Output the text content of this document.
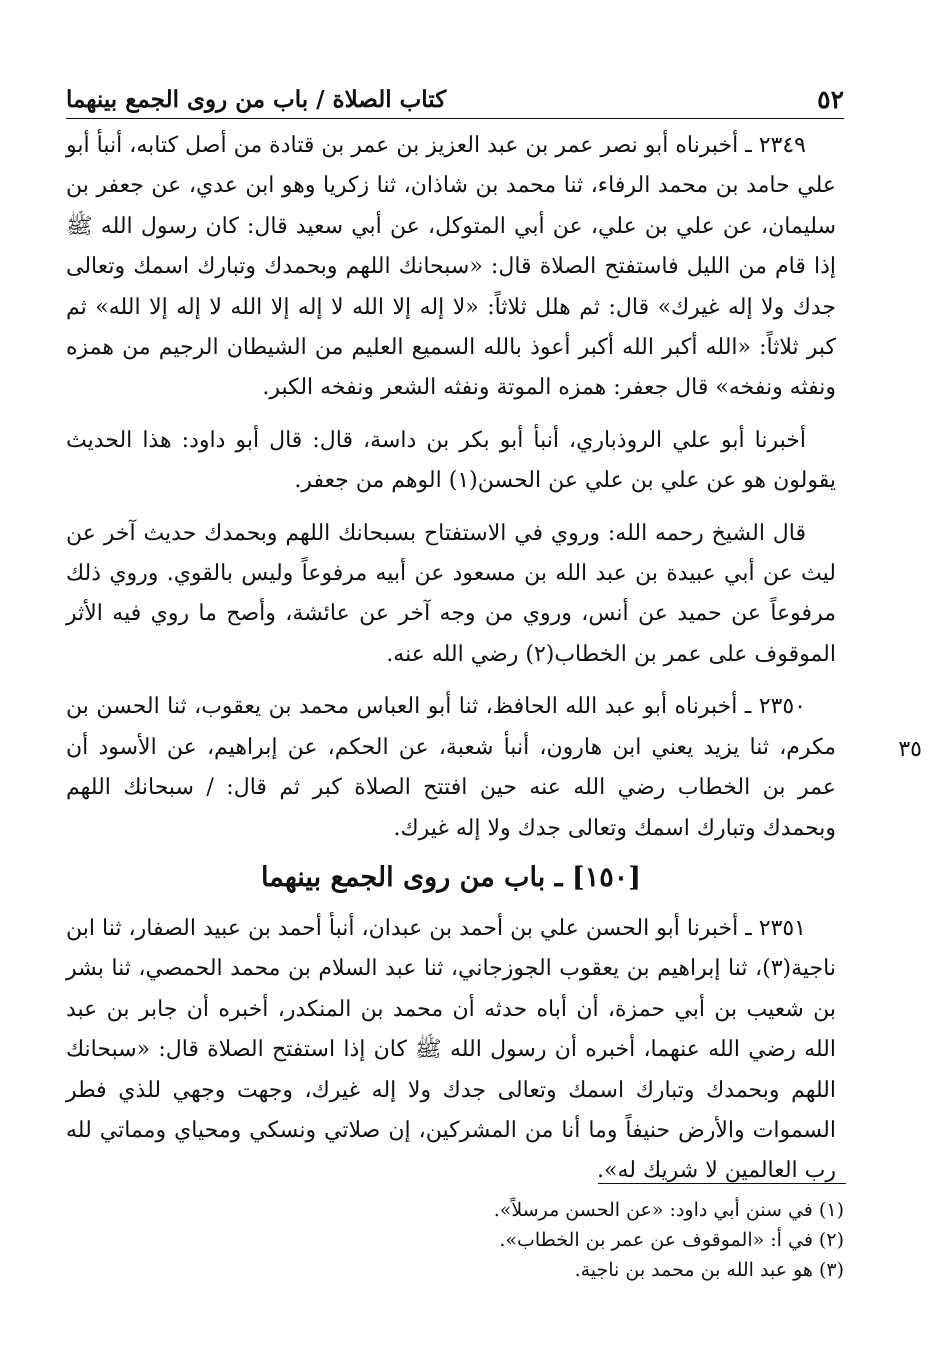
٥٢
كتاب الصلاة / باب من روى الجمع بينهما
٣٥

٢٣٤٩ ـ أخبرناه أبو نصر عمر بن عبد العزيز بن عمر بن قتادة من أصل كتابه، أنبأ أبو علي حامد بن محمد الرفاء، ثنا محمد بن شاذان، ثنا زكريا وهو ابن عدي، عن جعفر بن سليمان، عن علي بن علي، عن أبي المتوكل، عن أبي سعيد قال: كان رسول الله ﷺ إذا قام من الليل فاستفتح الصلاة قال: «سبحانك اللهم وبحمدك وتبارك اسمك وتعالى جدك ولا إله غيرك» قال: ثم هلل ثلاثاً: «لا إله إلا الله لا إله إلا الله لا إله إلا الله» ثم كبر ثلاثاً: «الله أكبر الله أكبر أعوذ بالله السميع العليم من الشيطان الرجيم من همزه ونفثه ونفخه» قال جعفر: همزه الموتة ونفثه الشعر ونفخه الكبر.

أخبرنا أبو علي الروذباري، أنبأ أبو بكر بن داسة، قال: قال أبو داود: هذا الحديث يقولون هو عن علي بن علي عن الحسن(١) الوهم من جعفر.

قال الشيخ رحمه الله: وروي في الاستفتاح بسبحانك اللهم وبحمدك حديث آخر عن ليث عن أبي عبيدة بن عبد الله بن مسعود عن أبيه مرفوعاً وليس بالقوي. وروي ذلك مرفوعاً عن حميد عن أنس، وروي من وجه آخر عن عائشة، وأصح ما روي فيه الأثر الموقوف على عمر بن الخطاب(٢) رضي الله عنه.

٢٣٥٠ ـ أخبرناه أبو عبد الله الحافظ، ثنا أبو العباس محمد بن يعقوب، ثنا الحسن بن مكرم، ثنا يزيد يعني ابن هارون، أنبأ شعبة، عن الحكم، عن إبراهيم، عن الأسود أن عمر بن الخطاب رضي الله عنه حين افتتح الصلاة كبر ثم قال: / سبحانك اللهم وبحمدك وتبارك اسمك وتعالى جدك ولا إله غيرك.

[١٥٠] ـ باب من روى الجمع بينهما

٢٣٥١ ـ أخبرنا أبو الحسن علي بن أحمد بن عبدان، أنبأ أحمد بن عبيد الصفار، ثنا ابن ناجية(٣)، ثنا إبراهيم بن يعقوب الجوزجاني، ثنا عبد السلام بن محمد الحمصي، ثنا بشر بن شعيب بن أبي حمزة، أن أباه حدثه أن محمد بن المنكدر، أخبره أن جابر بن عبد الله رضي الله عنهما، أخبره أن رسول الله ﷺ كان إذا استفتح الصلاة قال: «سبحانك اللهم وبحمدك وتبارك اسمك وتعالى جدك ولا إله غيرك، وجهت وجهي للذي فطر السموات والأرض حنيفاً وما أنا من المشركين، إن صلاتي ونسكي ومحياي ومماتي لله رب العالمين لا شريك له».

(١) في سنن أبي داود: «عن الحسن مرسلاً».

(٢) في أ: «الموقوف عن عمر بن الخطاب».

(٣) هو عبد الله بن محمد بن ناجية.
